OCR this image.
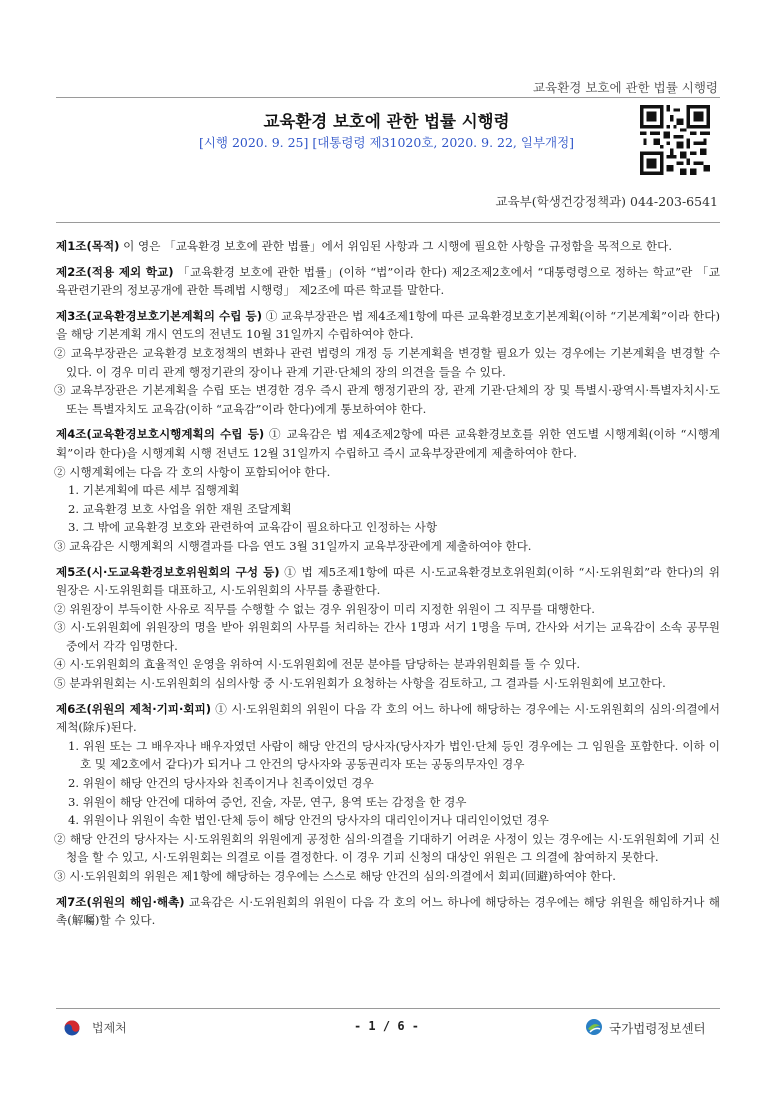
교육환경 보호에 관한 법률 시행령
교육환경 보호에 관한 법률 시행령
[시행 2020. 9. 25] [대통령령 제31020호, 2020. 9. 22, 일부개정]
교육부(학생건강정책과) 044-203-6541

제1조(목적) 이 영은 「교육환경 보호에 관한 법률」에서 위임된 사항과 그 시행에 필요한 사항을 규정함을 목적으로 한다.

제2조(적용 제외 학교) 「교육환경 보호에 관한 법률」(이하 “법”이라 한다) 제2조제2호에서 “대통령령으로 정하는 학교”란 「교육관련기관의 정보공개에 관한 특례법 시행령」 제2조에 따른 학교를 말한다.

제3조(교육환경보호기본계획의 수립 등) ① 교육부장관은 법 제4조제1항에 따른 교육환경보호기본계획(이하 “기본계획”이라 한다)을 해당 기본계획 개시 연도의 전년도 10월 31일까지 수립하여야 한다.

② 교육부장관은 교육환경 보호정책의 변화나 관련 법령의 개정 등 기본계획을 변경할 필요가 있는 경우에는 기본계획을 변경할 수 있다. 이 경우 미리 관계 행정기관의 장이나 관계 기관·단체의 장의 의견을 들을 수 있다.

③ 교육부장관은 기본계획을 수립 또는 변경한 경우 즉시 관계 행정기관의 장, 관계 기관·단체의 장 및 특별시·광역시·특별자치시·도 또는 특별자치도 교육감(이하 “교육감”이라 한다)에게 통보하여야 한다.

제4조(교육환경보호시행계획의 수립 등) ① 교육감은 법 제4조제2항에 따른 교육환경보호를 위한 연도별 시행계획(이하 “시행계획”이라 한다)을 시행계획 시행 전년도 12월 31일까지 수립하고 즉시 교육부장관에게 제출하여야 한다.

② 시행계획에는 다음 각 호의 사항이 포함되어야 한다.

1. 기본계획에 따른 세부 집행계획

2. 교육환경 보호 사업을 위한 재원 조달계획

3. 그 밖에 교육환경 보호와 관련하여 교육감이 필요하다고 인정하는 사항

③ 교육감은 시행계획의 시행결과를 다음 연도 3월 31일까지 교육부장관에게 제출하여야 한다.

제5조(시·도교육환경보호위원회의 구성 등) ① 법 제5조제1항에 따른 시·도교육환경보호위원회(이하 “시·도위원회”라 한다)의 위원장은 시·도위원회를 대표하고, 시·도위원회의 사무를 총괄한다.

② 위원장이 부득이한 사유로 직무를 수행할 수 없는 경우 위원장이 미리 지정한 위원이 그 직무를 대행한다.

③ 시·도위원회에 위원장의 명을 받아 위원회의 사무를 처리하는 간사 1명과 서기 1명을 두며, 간사와 서기는 교육감이 소속 공무원 중에서 각각 임명한다.

④ 시·도위원회의 효율적인 운영을 위하여 시·도위원회에 전문 분야를 담당하는 분과위원회를 둘 수 있다.

⑤ 분과위원회는 시·도위원회의 심의사항 중 시·도위원회가 요청하는 사항을 검토하고, 그 결과를 시·도위원회에 보고한다.

제6조(위원의 제척·기피·회피) ① 시·도위원회의 위원이 다음 각 호의 어느 하나에 해당하는 경우에는 시·도위원회의 심의·의결에서 제척(除斥)된다.

1. 위원 또는 그 배우자나 배우자였던 사람이 해당 안건의 당사자(당사자가 법인·단체 등인 경우에는 그 임원을 포함한다. 이하 이 호 및 제2호에서 같다)가 되거나 그 안건의 당사자와 공동권리자 또는 공동의무자인 경우

2. 위원이 해당 안건의 당사자와 친족이거나 친족이었던 경우

3. 위원이 해당 안건에 대하여 증언, 진술, 자문, 연구, 용역 또는 감정을 한 경우

4. 위원이나 위원이 속한 법인·단체 등이 해당 안건의 당사자의 대리인이거나 대리인이었던 경우

② 해당 안건의 당사자는 시·도위원회의 위원에게 공정한 심의·의결을 기대하기 어려운 사정이 있는 경우에는 시·도위원회에 기피 신청을 할 수 있고, 시·도위원회는 의결로 이를 결정한다. 이 경우 기피 신청의 대상인 위원은 그 의결에 참여하지 못한다.

③ 시·도위원회의 위원은 제1항에 해당하는 경우에는 스스로 해당 안건의 심의·의결에서 회피(回避)하여야 한다.

제7조(위원의 해임·해촉) 교육감은 시·도위원회의 위원이 다음 각 호의 어느 하나에 해당하는 경우에는 해당 위원을 해임하거나 해촉(解囑)할 수 있다.

법제처	- 1 / 6 -	국가법령정보센터
